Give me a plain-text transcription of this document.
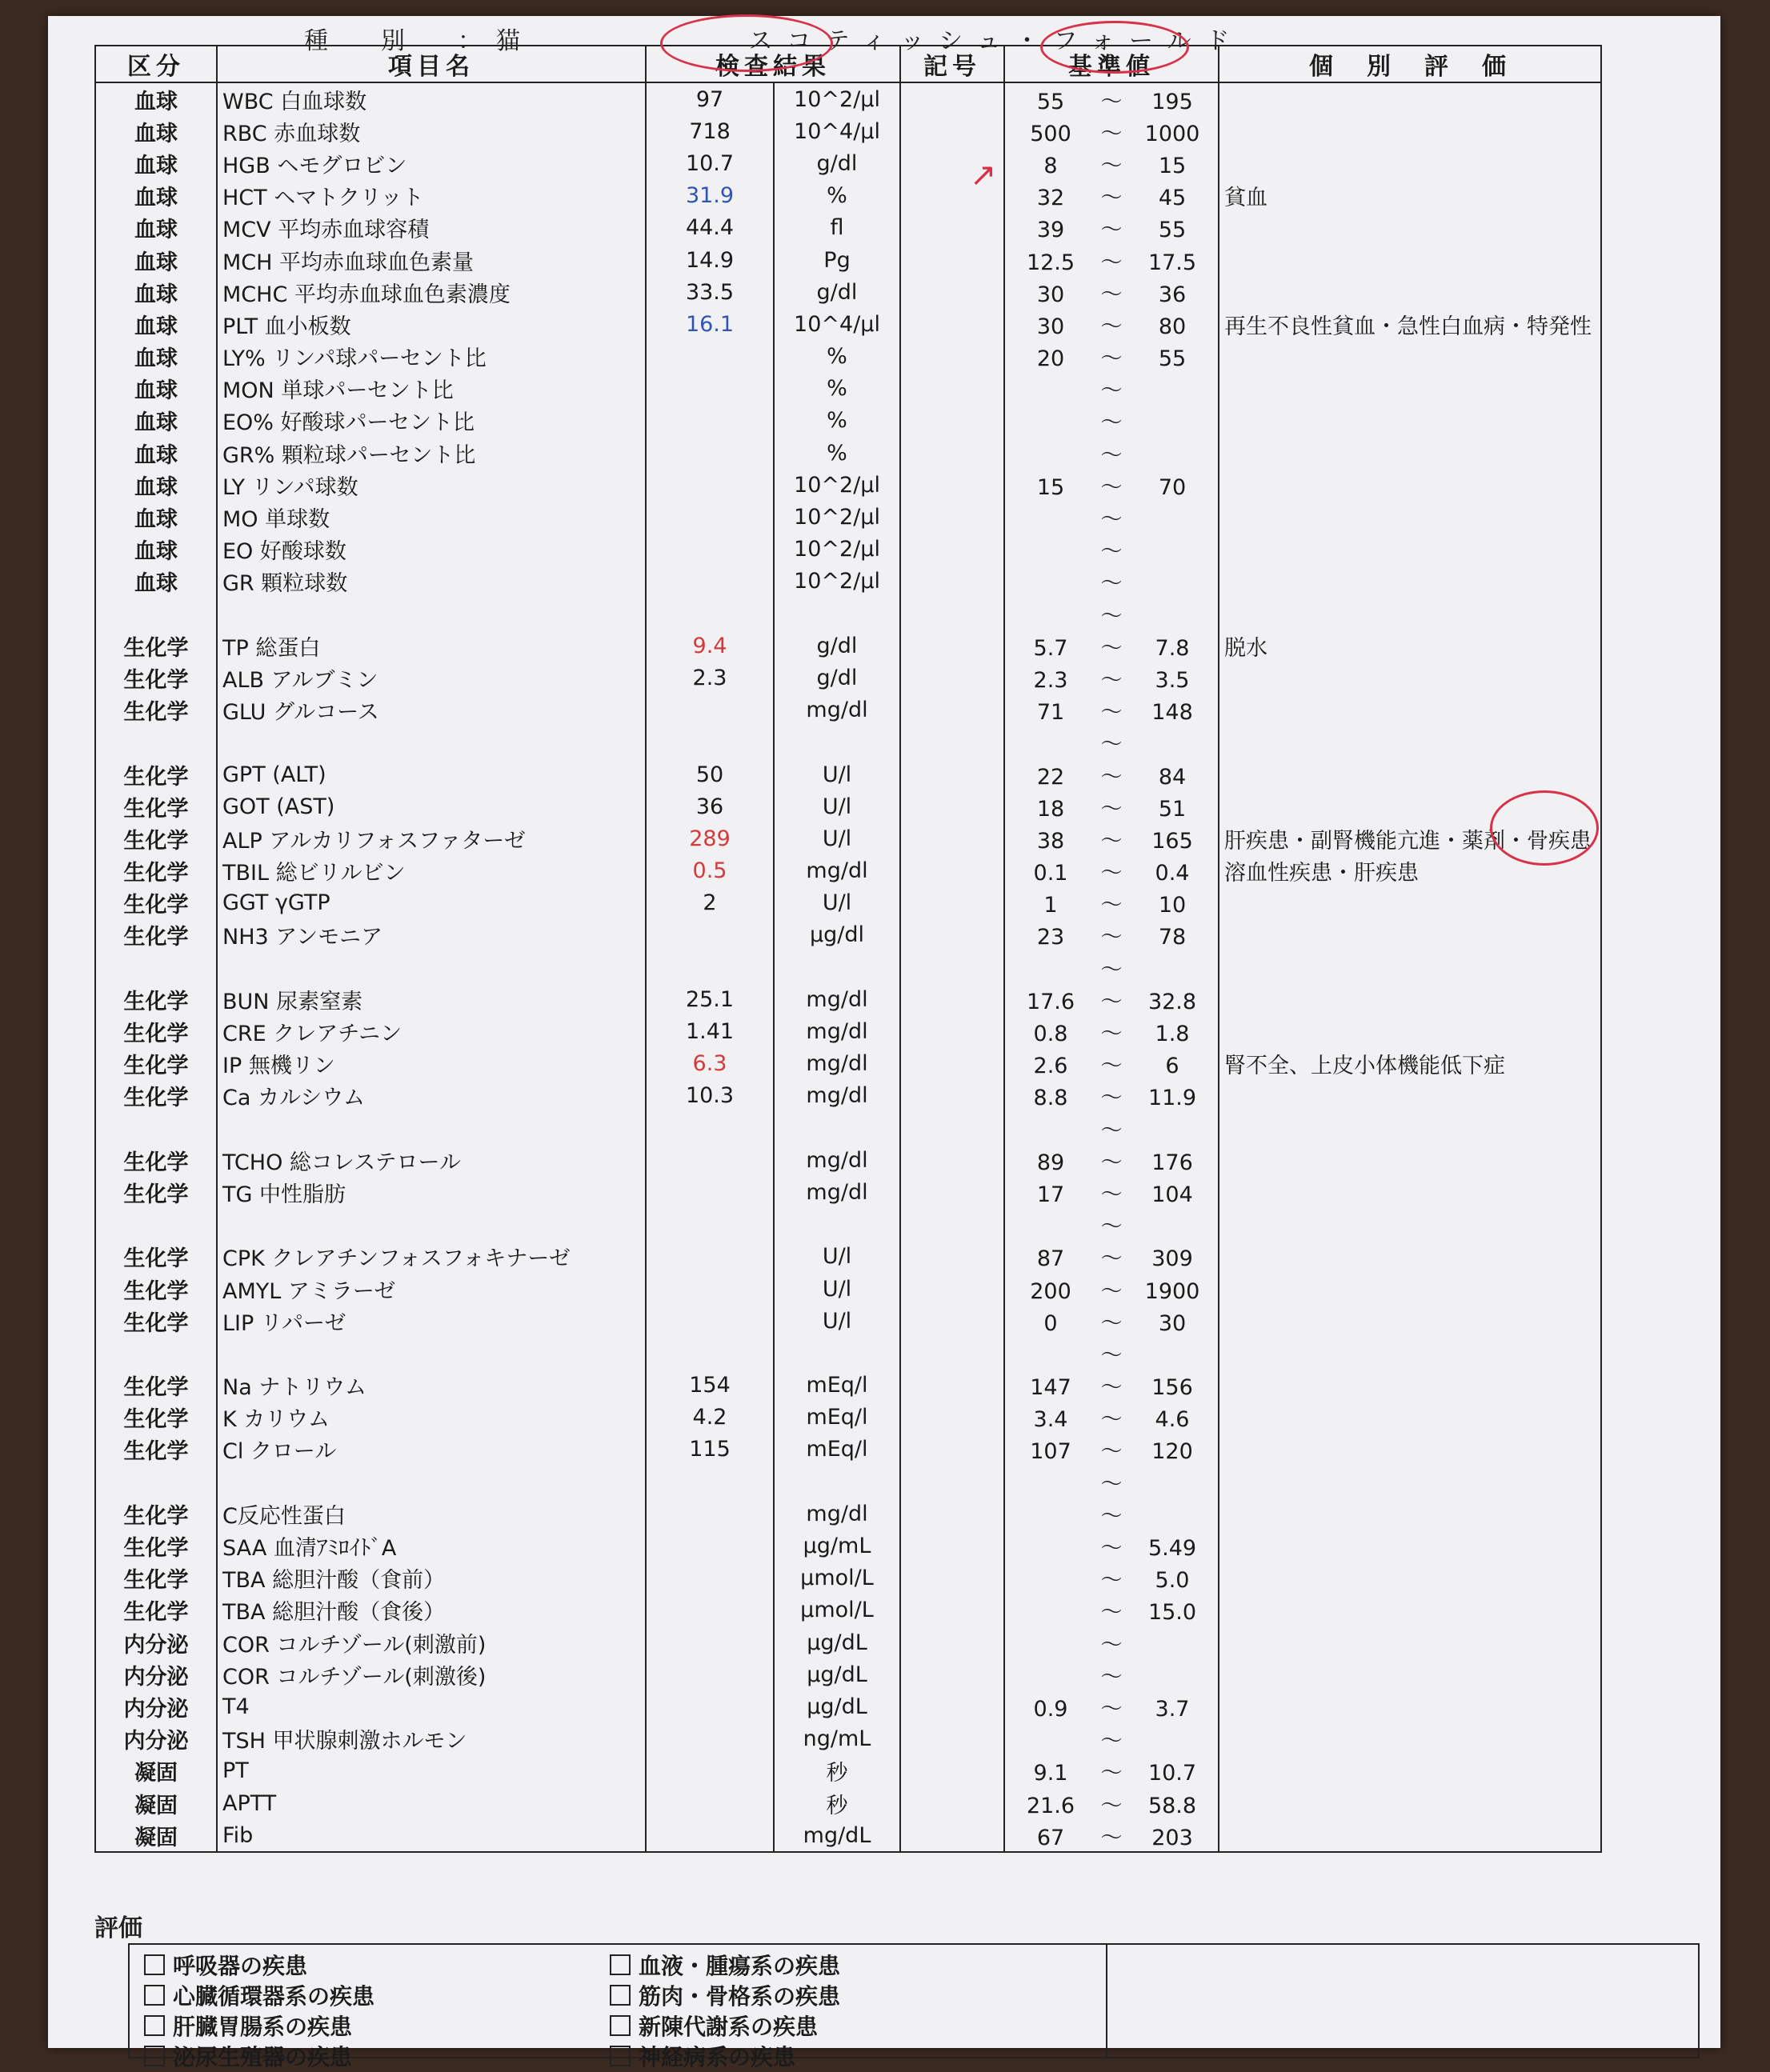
種　別　：猫	スコティッシュ・フォールド
区分	項目名	検査結果		記号	基準値	個　別　評　価
血球	WBC 白血球数	97	10^2/μl		55 ～ 195	
血球	RBC 赤血球数	718	10^4/μl		500 ～ 1000	
血球	HGB ヘモグロビン	10.7	g/dl		8 ～ 15	
血球	HCT ヘマトクリット	31.9	%		32 ～ 45	貧血
血球	MCV 平均赤血球容積	44.4	fl		39 ～ 55	
血球	MCH 平均赤血球血色素量	14.9	Pg		12.5 ～ 17.5	
血球	MCHC 平均赤血球血色素濃度	33.5	g/dl		30 ～ 36	
血球	PLT 血小板数	16.1	10^4/μl		30 ～ 80	再生不良性貧血・急性白血病・特発性
血球	LY% リンパ球パーセント比		%		20 ～ 55	
血球	MON 単球パーセント比		%		～	
血球	EO% 好酸球パーセント比		%		～	
血球	GR% 顆粒球パーセント比		%		～	
血球	LY リンパ球数		10^2/μl		15 ～ 70	
血球	MO 単球数		10^2/μl		～	
血球	EO 好酸球数		10^2/μl		～	
血球	GR 顆粒球数		10^2/μl		～	
					～	
生化学	TP 総蛋白	9.4	g/dl		5.7 ～ 7.8	脱水
生化学	ALB アルブミン	2.3	g/dl		2.3 ～ 3.5	
生化学	GLU グルコース		mg/dl		71 ～ 148	
					～	
生化学	GPT (ALT)	50	U/l		22 ～ 84	
生化学	GOT (AST)	36	U/l		18 ～ 51	
生化学	ALP アルカリフォスファターゼ	289	U/l		38 ～ 165	肝疾患・副腎機能亢進・薬剤・骨疾患
生化学	TBIL 総ビリルビン	0.5	mg/dl		0.1 ～ 0.4	溶血性疾患・肝疾患
生化学	GGT γGTP	2	U/l		1 ～ 10	
生化学	NH3 アンモニア		μg/dl		23 ～ 78	
					～	
生化学	BUN 尿素窒素	25.1	mg/dl		17.6 ～ 32.8	
生化学	CRE クレアチニン	1.41	mg/dl		0.8 ～ 1.8	
生化学	IP 無機リン	6.3	mg/dl		2.6 ～ 6	腎不全、上皮小体機能低下症
生化学	Ca カルシウム	10.3	mg/dl		8.8 ～ 11.9	
					～	
生化学	TCHO 総コレステロール		mg/dl		89 ～ 176	
生化学	TG 中性脂肪		mg/dl		17 ～ 104	
					～	
生化学	CPK クレアチンフォスフォキナーゼ		U/l		87 ～ 309	
生化学	AMYL アミラーゼ		U/l		200 ～ 1900	
生化学	LIP リパーゼ		U/l		0 ～ 30	
					～	
生化学	Na ナトリウム	154	mEq/l		147 ～ 156	
生化学	K カリウム	4.2	mEq/l		3.4 ～ 4.6	
生化学	Cl クロール	115	mEq/l		107 ～ 120	
					～	
生化学	C反応性蛋白		mg/dl		～	
生化学	SAA 血清ｱﾐﾛｲﾄﾞA		μg/mL		～ 5.49	
生化学	TBA 総胆汁酸（食前）		μmol/L		～ 5.0	
生化学	TBA 総胆汁酸（食後）		μmol/L		～ 15.0	
内分泌	COR コルチゾール(刺激前)		μg/dL		～	
内分泌	COR コルチゾール(刺激後)		μg/dL		～	
内分泌	T4		μg/dL		0.9 ～ 3.7	
内分泌	TSH 甲状腺刺激ホルモン		ng/mL		～	
凝固	PT		秒		9.1 ～ 10.7	
凝固	APTT		秒		21.6 ～ 58.8	
凝固	Fib		mg/dL		67 ～ 203	
評価
呼吸器の疾患
心臓循環器系の疾患
肝臓胃腸系の疾患
泌尿生殖器の疾患
血液・腫瘍系の疾患
筋肉・骨格系の疾患
新陳代謝系の疾患
神経病系の疾患
↗
